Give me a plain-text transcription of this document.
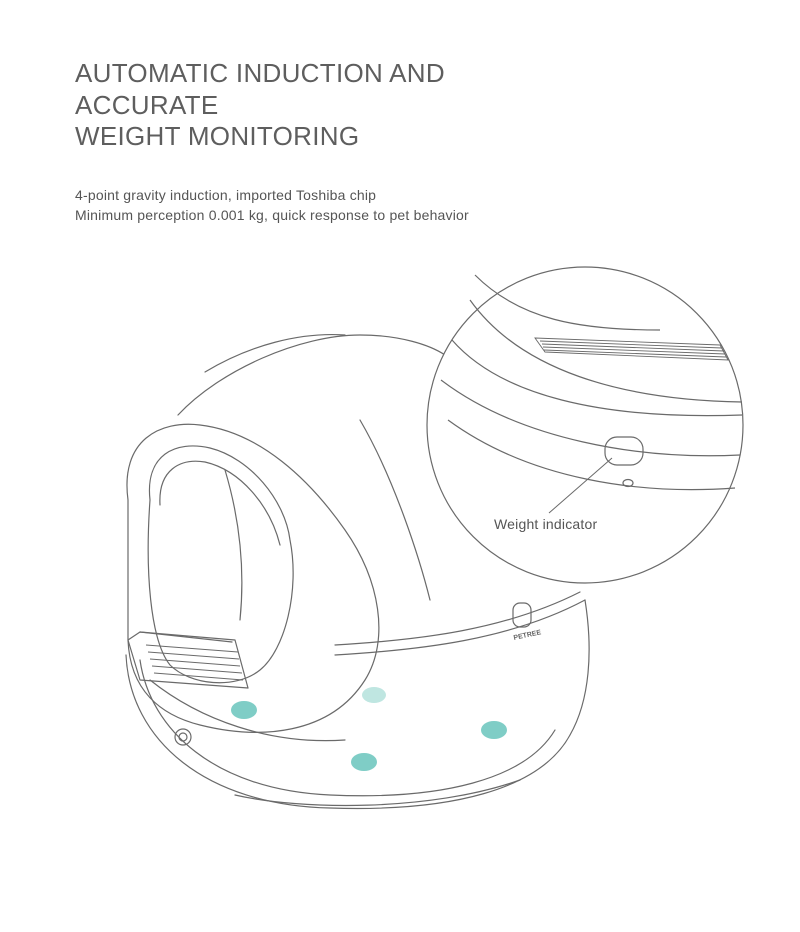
AUTOMATIC INDUCTION AND
ACCURATE
WEIGHT MONITORING
4-point gravity induction, imported Toshiba chip
Minimum perception 0.001 kg, quick response to pet behavior
PETREE
Weight indicator
